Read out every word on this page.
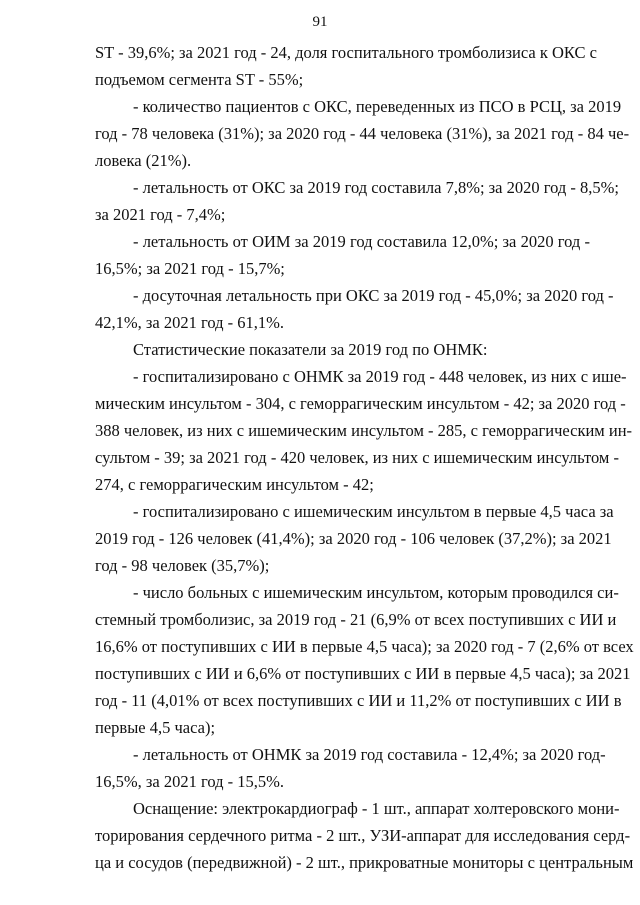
91
ST - 39,6%; за 2021 год - 24, доля госпитального тромболизиса к ОКС с
подъемом сегмента ST - 55%;
- количество пациентов с ОКС, переведенных из ПСО в РСЦ, за 2019
год - 78 человека (31%); за 2020 год - 44 человека (31%), за 2021 год - 84 че-
ловека (21%).
- летальность от ОКС за 2019 год составила 7,8%; за 2020 год - 8,5%;
за 2021 год - 7,4%;
- летальность от ОИМ за 2019 год составила 12,0%; за 2020 год -
16,5%; за 2021 год - 15,7%;
- досуточная летальность при ОКС за 2019 год - 45,0%; за 2020 год -
42,1%, за 2021 год - 61,1%.
Статистические показатели за 2019 год по ОНМК:
- госпитализировано с ОНМК за 2019 год - 448 человек, из них с ише-
мическим инсультом - 304, с геморрагическим инсультом - 42; за 2020 год -
388 человек, из них с ишемическим инсультом - 285, с геморрагическим ин-
сультом - 39; за 2021 год - 420 человек, из них с ишемическим инсультом -
274, с геморрагическим инсультом - 42;
- госпитализировано с ишемическим инсультом в первые 4,5 часа за
2019 год - 126 человек (41,4%); за 2020 год - 106 человек (37,2%); за 2021
год - 98 человек (35,7%);
- число больных с ишемическим инсультом, которым проводился си-
стемный тромболизис, за 2019 год - 21 (6,9% от всех поступивших с ИИ и
16,6% от поступивших с ИИ в первые 4,5 часа); за 2020 год - 7 (2,6% от всех
поступивших с ИИ и 6,6% от поступивших с ИИ в первые 4,5 часа); за 2021
год - 11 (4,01% от всех поступивших с ИИ и 11,2% от поступивших с ИИ в
первые 4,5 часа);
- летальность от ОНМК за 2019 год составила - 12,4%; за 2020 год-
16,5%, за 2021 год - 15,5%.
Оснащение: электрокардиограф - 1 шт., аппарат холтеровского мони-
торирования сердечного ритма - 2 шт., УЗИ-аппарат для исследования серд-
ца и сосудов (передвижной) - 2 шт., прикроватные мониторы с центральным
